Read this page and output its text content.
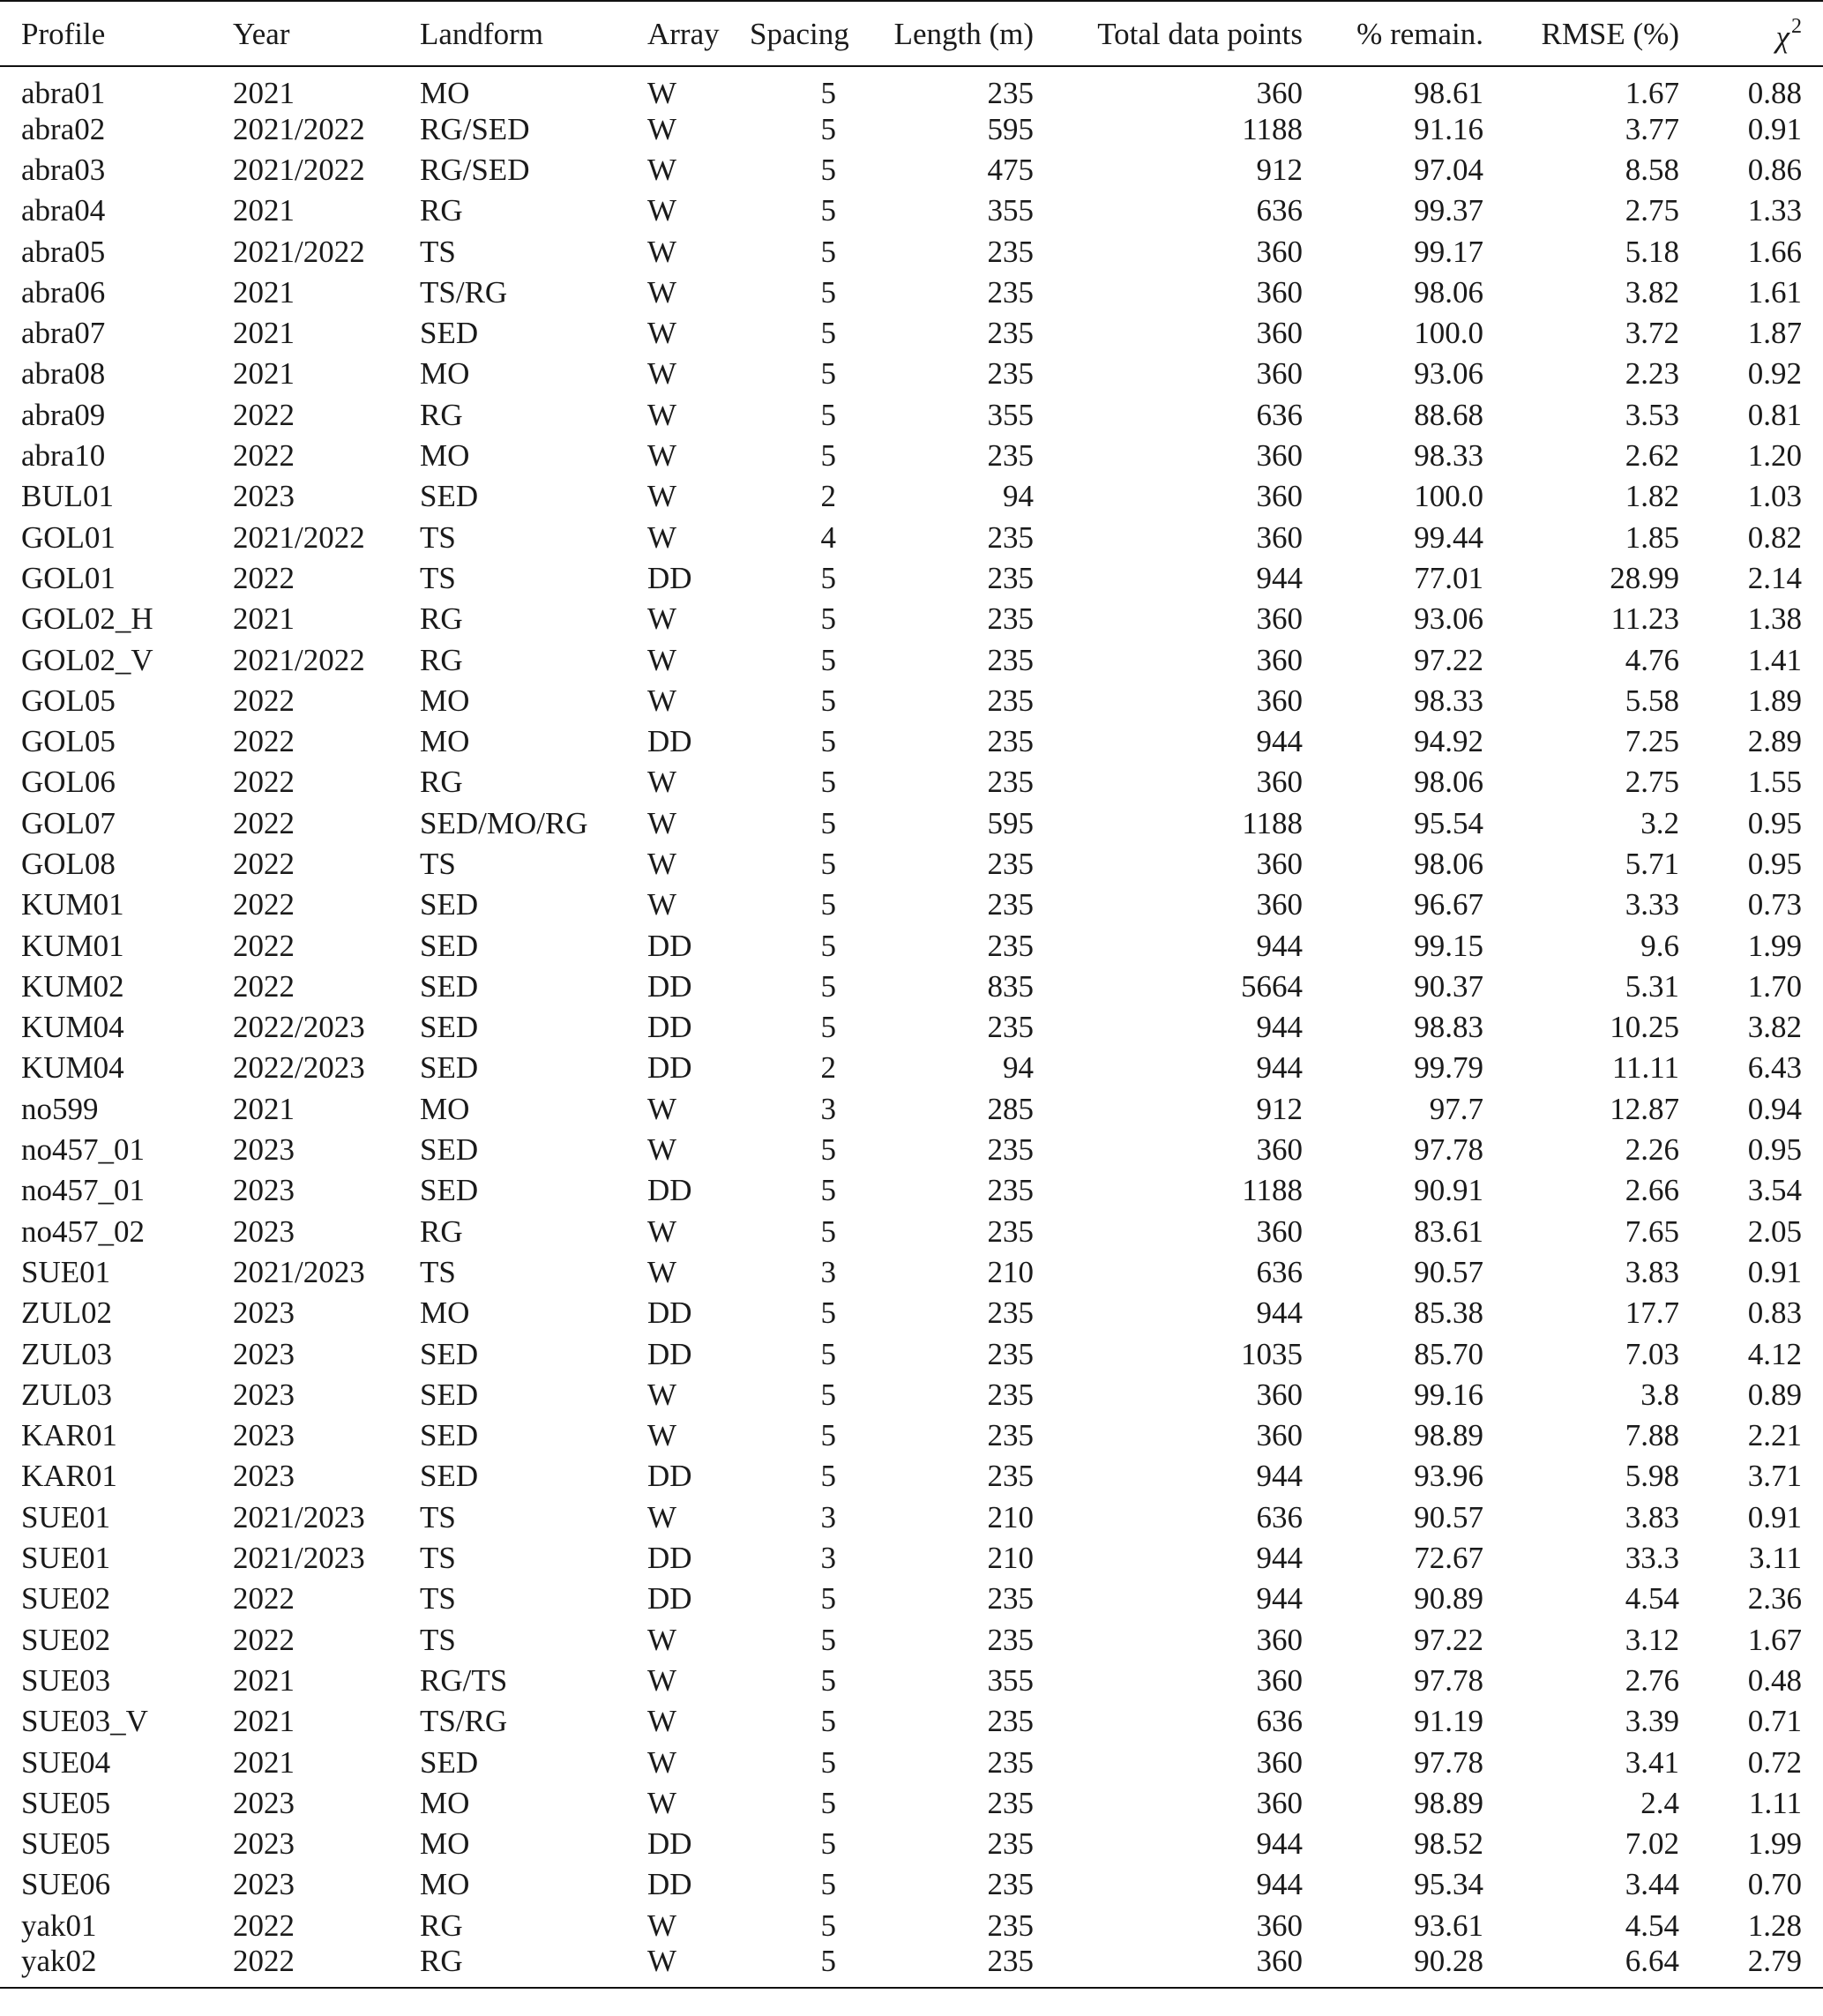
Profile	Year	Landform	Array	Spacing	Length (m)	Total data points	% remain.	RMSE (%)	$\chi^2$
abra01	2021	MO	W	5	235	360	98.61	1.67	0.88
abra02	2021/2022	RG/SED	W	5	595	1188	91.16	3.77	0.91
abra03	2021/2022	RG/SED	W	5	475	912	97.04	8.58	0.86
abra04	2021	RG	W	5	355	636	99.37	2.75	1.33
abra05	2021/2022	TS	W	5	235	360	99.17	5.18	1.66
abra06	2021	TS/RG	W	5	235	360	98.06	3.82	1.61
abra07	2021	SED	W	5	235	360	100.0	3.72	1.87
abra08	2021	MO	W	5	235	360	93.06	2.23	0.92
abra09	2022	RG	W	5	355	636	88.68	3.53	0.81
abra10	2022	MO	W	5	235	360	98.33	2.62	1.20
BUL01	2023	SED	W	2	94	360	100.0	1.82	1.03
GOL01	2021/2022	TS	W	4	235	360	99.44	1.85	0.82
GOL01	2022	TS	DD	5	235	944	77.01	28.99	2.14
GOL02_H	2021	RG	W	5	235	360	93.06	11.23	1.38
GOL02_V	2021/2022	RG	W	5	235	360	97.22	4.76	1.41
GOL05	2022	MO	W	5	235	360	98.33	5.58	1.89
GOL05	2022	MO	DD	5	235	944	94.92	7.25	2.89
GOL06	2022	RG	W	5	235	360	98.06	2.75	1.55
GOL07	2022	SED/MO/RG	W	5	595	1188	95.54	3.2	0.95
GOL08	2022	TS	W	5	235	360	98.06	5.71	0.95
KUM01	2022	SED	W	5	235	360	96.67	3.33	0.73
KUM01	2022	SED	DD	5	235	944	99.15	9.6	1.99
KUM02	2022	SED	DD	5	835	5664	90.37	5.31	1.70
KUM04	2022/2023	SED	DD	5	235	944	98.83	10.25	3.82
KUM04	2022/2023	SED	DD	2	94	944	99.79	11.11	6.43
no599	2021	MO	W	3	285	912	97.7	12.87	0.94
no457_01	2023	SED	W	5	235	360	97.78	2.26	0.95
no457_01	2023	SED	DD	5	235	1188	90.91	2.66	3.54
no457_02	2023	RG	W	5	235	360	83.61	7.65	2.05
SUE01	2021/2023	TS	W	3	210	636	90.57	3.83	0.91
ZUL02	2023	MO	DD	5	235	944	85.38	17.7	0.83
ZUL03	2023	SED	DD	5	235	1035	85.70	7.03	4.12
ZUL03	2023	SED	W	5	235	360	99.16	3.8	0.89
KAR01	2023	SED	W	5	235	360	98.89	7.88	2.21
KAR01	2023	SED	DD	5	235	944	93.96	5.98	3.71
SUE01	2021/2023	TS	W	3	210	636	90.57	3.83	0.91
SUE01	2021/2023	TS	DD	3	210	944	72.67	33.3	3.11
SUE02	2022	TS	DD	5	235	944	90.89	4.54	2.36
SUE02	2022	TS	W	5	235	360	97.22	3.12	1.67
SUE03	2021	RG/TS	W	5	355	360	97.78	2.76	0.48
SUE03_V	2021	TS/RG	W	5	235	636	91.19	3.39	0.71
SUE04	2021	SED	W	5	235	360	97.78	3.41	0.72
SUE05	2023	MO	W	5	235	360	98.89	2.4	1.11
SUE05	2023	MO	DD	5	235	944	98.52	7.02	1.99
SUE06	2023	MO	DD	5	235	944	95.34	3.44	0.70
yak01	2022	RG	W	5	235	360	93.61	4.54	1.28
yak02	2022	RG	W	5	235	360	90.28	6.64	2.79
